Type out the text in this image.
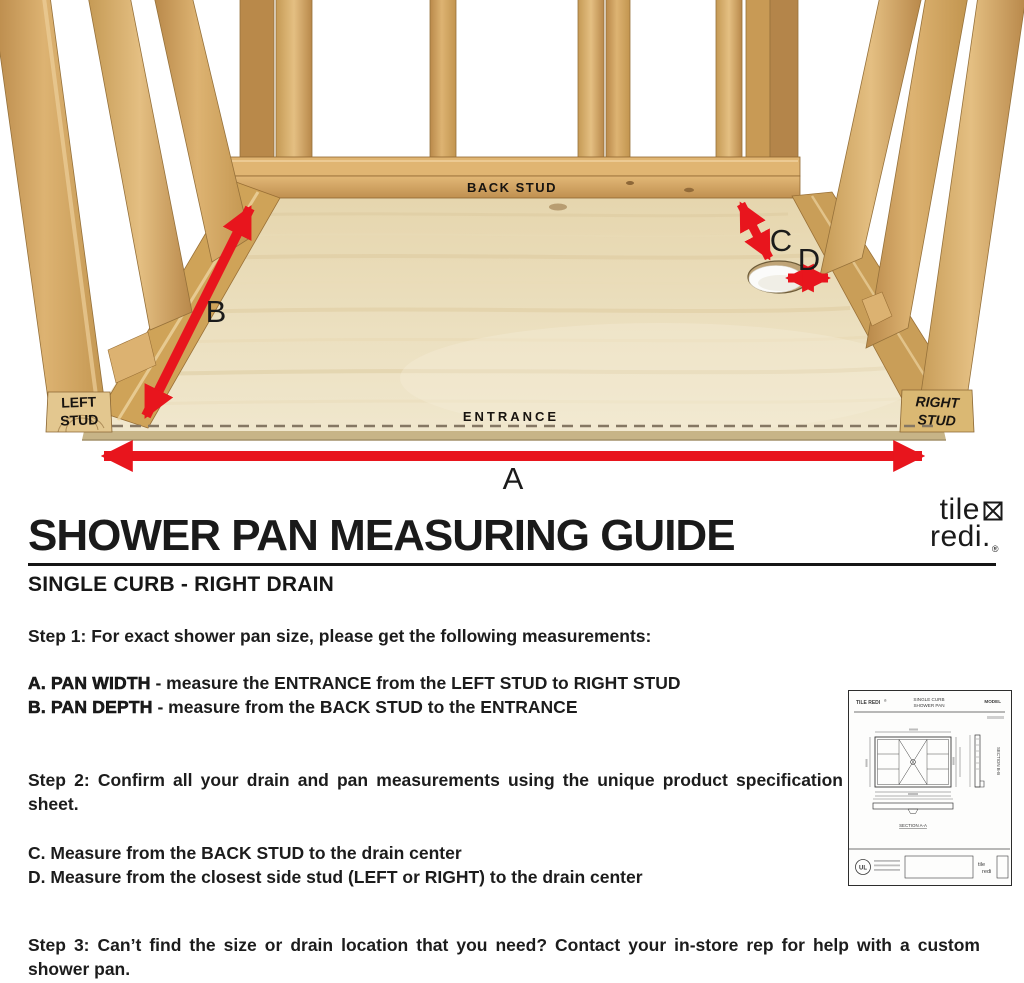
BACK STUD
LEFT
STUD
RIGHT
STUD
ENTRANCE
B
C
D
A
tile
$redi._®$
SHOWER PAN MEASURING GUIDE
SINGLE CURB - RIGHT DRAIN

Step 1: For exact shower pan size, please get the following measurements:

A. PAN WIDTH - measure the ENTRANCE from the LEFT STUD to RIGHT STUD

B. PAN DEPTH - measure from the BACK STUD to the ENTRANCE

Step 2: Confirm all your drain and pan measurements using the unique product specification sheet.

C. Measure from the BACK STUD to the drain center

D. Measure from the closest side stud (LEFT or RIGHT) to the drain center

Step 3: Can’t find the size or drain location that you need? Contact your in-store rep for help with a custom shower pan.

TILE REDI ®	SINGLE CURB
SHOWER PAN
MODEL
SECTION B-B
SECTION A-A
UL
tile
redi
